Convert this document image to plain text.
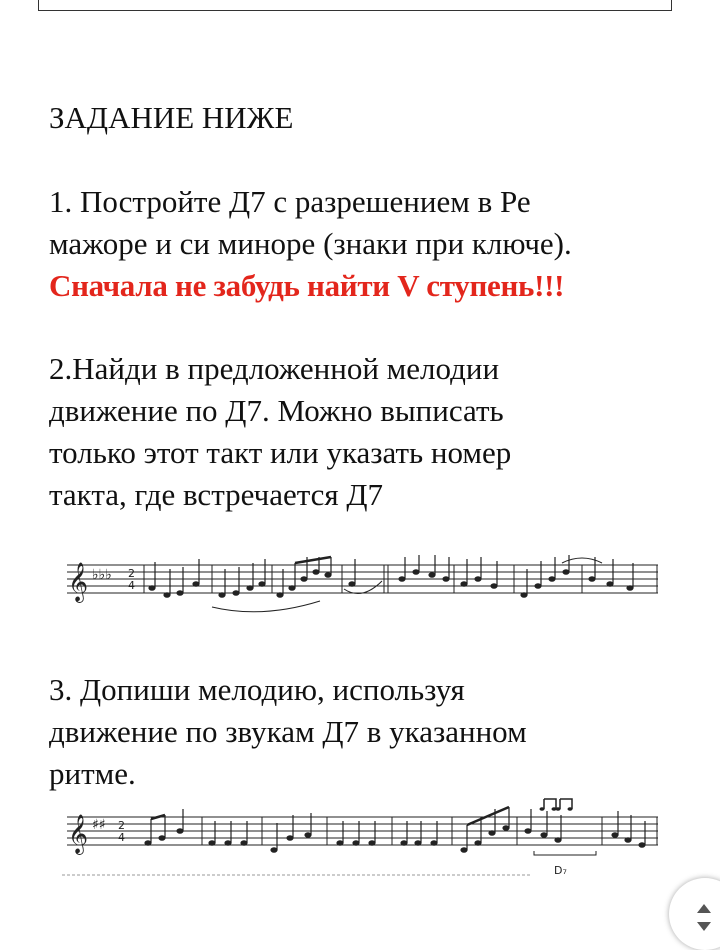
ЗАДАНИЕ НИЖЕ

1. Постройте Д7 с разрешением в Ре

мажоре и си миноре (знаки при ключе).

Сначала не забудь найти V ступень!!!

2.Найди в предложенной мелодии

движение по Д7. Можно выписать

только этот такт или указать номер

такта, где встречается Д7

𝄞 ♭♭♭ 2
4

3. Допиши мелодию, используя

движение по звукам Д7 в указанном

ритме.

𝄞 ♯♯ 2
4
D₇
